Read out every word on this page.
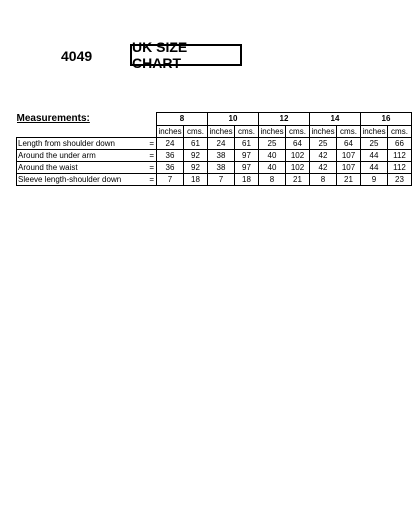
4049
UK SIZE CHART
Measurements:		8		10		12		14		16	
		inches	cms.	inches	cms.	inches	cms.	inches	cms.	inches	cms.
Length from shoulder down	=	24	61	24	61	25	64	25	64	25	66
Around the under arm	=	36	92	38	97	40	102	42	107	44	112
Around the waist	=	36	92	38	97	40	102	42	107	44	112
Sleeve length-shoulder down	=	7	18	7	18	8	21	8	21	9	23
